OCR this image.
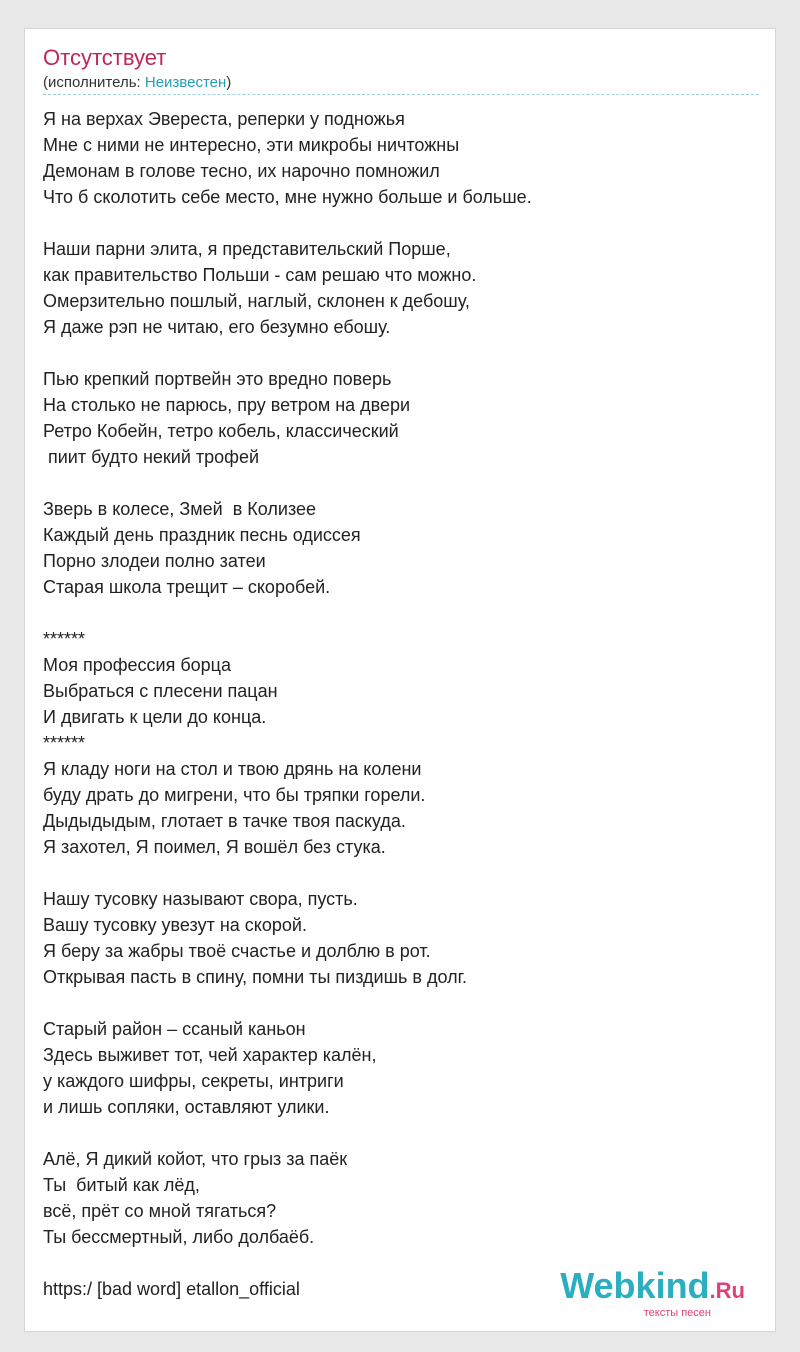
Отсутствует
(исполнитель: Неизвестен)
Я на верхах Эвереста, реперки у подножья
Мне с ними не интересно, эти микробы ничтожны
Демонам в голове тесно, их нарочно помножил
Что б сколотить себе место, мне нужно больше и больше.

Наши парни элита, я представительский Порше,
как правительство Польши - сам решаю что можно.
Омерзительно пошлый, наглый, склонен к дебошу,
Я даже рэп не читаю, его безумно ебошу.

Пью крепкий портвейн это вредно поверь
На столько не парюсь, пру ветром на двери
Ретро Кобейн, тетро кобель, классический
пиит будто некий трофей

Зверь в колесе, Змей  в Колизее
Каждый день праздник песнь одиссея
Порно злодеи полно затеи
Старая школа трещит – скоробей.

******
Моя профессия борца
Выбраться с плесени пацан
И двигать к цели до конца.
******
Я кладу ноги на стол и твою дрянь на колени
буду драть до мигрени, что бы тряпки горели.
Дыдыдыдым, глотает в тачке твоя паскуда.
Я захотел, Я поимел, Я вошёл без стука.

Нашу тусовку называют свора, пусть.
Вашу тусовку увезут на скорой.
Я беру за жабры твоё счастье и долблю в рот.
Открывая пасть в спину, помни ты пиздишь в долг.

Старый район – ссаный каньон
Здесь выживет тот, чей характер калён,
у каждого шифры, секреты, интриги
и лишь сопляки, оставляют улики.

Алё, Я дикий койот, что грыз за паёк
Ты  битый как лёд,
всё, прёт со мной тягаться?
Ты бессмертный, либо долбаёб.

https:/ [bad word] etallon_official	Webkind.Ru
тексты песен
